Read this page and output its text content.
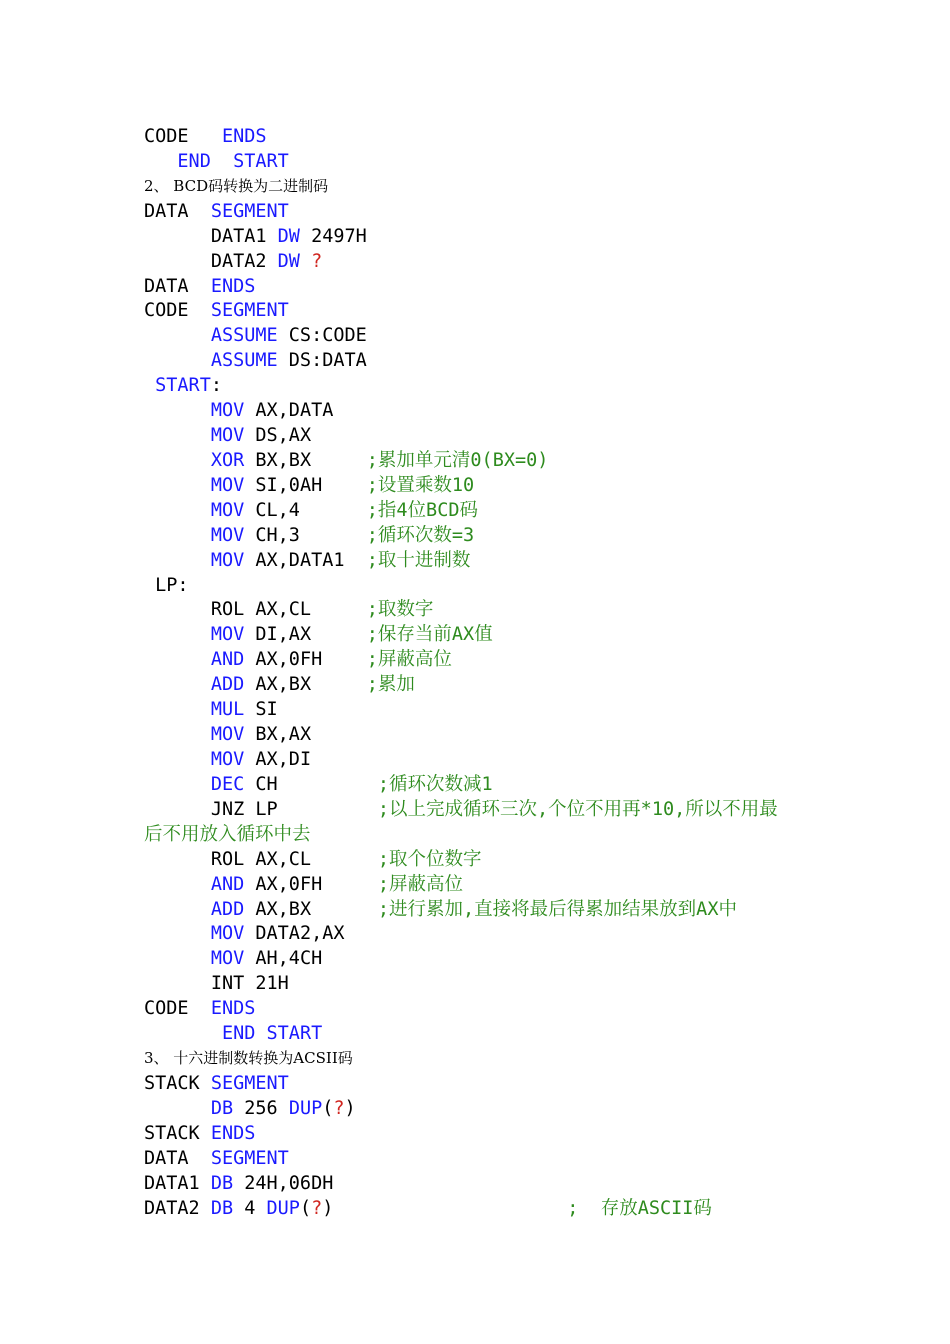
CODE   ENDS
END START
2、 BCD码转换为二进制码
DATA  SEGMENT
DATA1 DW 2497H
DATA2 DW ?
DATA  ENDS
CODE  SEGMENT
ASSUME CS:CODE
ASSUME DS:DATA
START:
MOV AX,DATA
MOV DS,AX
XOR BX,BX     ;累加单元清0(BX=0)
MOV SI,0AH    ;设置乘数10
MOV CL,4      ;指4位BCD码
MOV CH,3      ;循环次数=3
MOV AX,DATA1  ;取十进制数
LP:
ROL AX,CL     ;取数字
MOV DI,AX     ;保存当前AX值
AND AX,0FH    ;屏蔽高位
ADD AX,BX     ;累加
MUL SI
MOV BX,AX
MOV AX,DI
DEC CH         ;循环次数减1
JNZ LP         ;以上完成循环三次,个位不用再*10,所以不用最
后不用放入循环中去
ROL AX,CL      ;取个位数字
AND AX,0FH     ;屏蔽高位
ADD AX,BX      ;进行累加,直接将最后得累加结果放到AX中
MOV DATA2,AX
MOV AH,4CH
INT 21H
CODE  ENDS
END START
3、 十六进制数转换为ACSII码
STACK SEGMENT
DB 256 DUP(?)
STACK ENDS
DATA  SEGMENT
DATA1 DB 24H,06DH
DATA2 DB 4 DUP(?)                     ;  存放ASCII码
